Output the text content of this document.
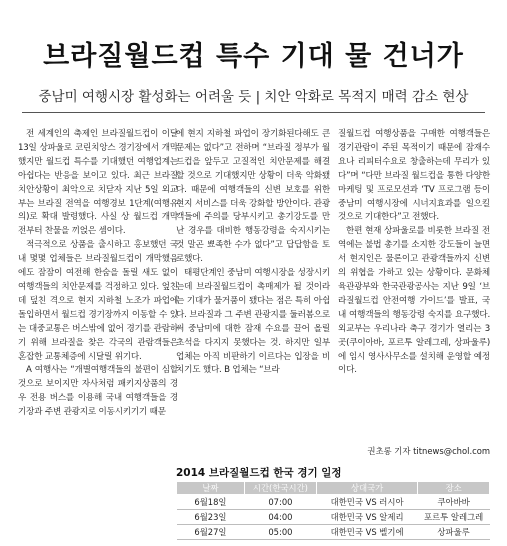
브라질월드컵 특수 기대 물 건너가
중남미 여행시장 활성화는 어려울 듯 | 치안 악화로 목적지 매력 감소 현상

전 세계인의 축제인 브라질월드컵이 이달 13일 상파울로 코린치앙스 경기장에서 개막했지만 월드컵 특수를 기대했던 여행업계는 아쉽다는 반응을 보이고 있다. 최근 브라질 치안상황이 최악으로 치닫자 지난 5일 외교부는 브라질 전역을 여행경보 1단계(여행유의)로 확대 발령했다. 사실 상 월드컵 개막 전부터 찬물을 끼얹은 셈이다.

적극적으로 상품을 출시하고 홍보했던 국내 몇몇 업체들은 브라질월드컵이 개막했음에도 잠잠이 여전해 한숨을 돌릴 새도 없이 여행객들의 치안문제를 걱정하고 있다. 엎친 데 덮친 격으로 현지 지하철 노조가 파업에 돌입하면서 월드컵 경기장까지 이동할 수 있는 대중교통은 버스밖에 없어 경기를 관람하기 위해 브라질을 찾은 각국의 관람객들은 혼잡한 교통체증에 시달릴 위기다.

A 여행사는 “개별여행객들의 불편이 심할 것으로 보이지만 자사처럼 패키지상품의 경우 전용 버스를 이용해 국내 여행객들을 경기장과 주변 관광지로 이동시키기기 때문

에 현지 지하철 파업이 장기화된다해도 큰 문제는 없다”고 전하며 “브라질 정부가 월드컵을 앞두고 고질적인 치안문제를 해결할 것으로 기대했지만 상황이 더욱 악화됐다. 때문에 여행객들의 신변 보호를 위한 현지 서비스를 더욱 강화할 방안이다. 관광객들에 주의를 당부시키고 총기강도를 만난 경우를 대비한 행동강령을 숙지시키는 것 말곤 뾰족한 수가 없다”고 답답함을 토로했다.

태평단계인 중남미 여행시장을 성장시키는데 브라질월드컵이 촉매제가 될 것이라는 기대가 물거품이 됐다는 점은 특히 아쉽다. 브라질과 그 주변 관광지를 둘러봄으로써 중남미에 대한 잠재 수요를 끌어 올릴 초석을 다지지 못했다는 것. 하지만 일부 업체는 아직 비판하기 이르다는 입장을 비치기도 했다. B 업체는 “브라

질월드컵 여행상품을 구매한 여행객들은 경기관람이 주된 목적이기 때문에 잠재수요나 리피터수요로 창출하는데 무리가 있다”며 “다만 브라질 월드컵을 통한 다양한 마케팅 및 프로모션과 ‘TV 프로그램 등이 중남미 여행시장에 시너지효과를 일으킬 것으로 기대한다”고 전했다.

한편 현재 상파울로를 비롯한 브라질 전역에는 불법 총기를 소지한 강도들이 늘면서 현지인은 물론이고 관광객들까지 신변의 위협을 가하고 있는 상황이다. 문화체육관광부와 한국관광공사는 지난 9일 ‘브라질월드컵 안전여행 가이드’를 발표, 국내 여행객들의 행동강령 숙지를 요구했다. 외교부는 우리나라 축구 경기가 열리는 3곳(쿠이아바, 포르투 알레그레, 상파울루)에 임시 영사사무소를 설치해 운영할 예정이다.

권초롱 기자 titnews@chol.com
2014 브라질월드컵 한국 경기 일정
날짜	시간(한국시간)	상대국가	장소
6월18일	07:00	대한민국 VS 러시아	쿠아바바
6월23일	04:00	대한민국 VS 알제리	포르투 알레그레
6월27일	05:00	대한민국 VS 벨기에	상파울루
